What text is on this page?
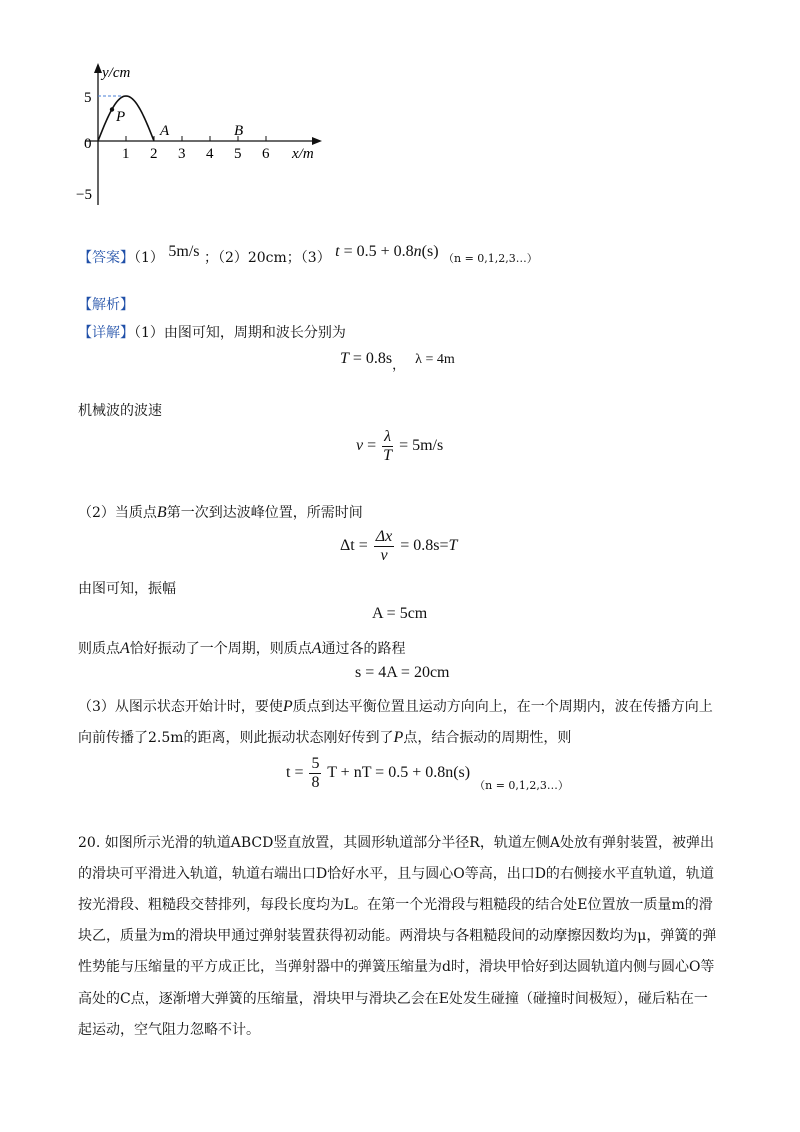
y/cm
x/m
5
0
−5
1 2 3 4 5 6
P
A	B
【答案】（1） 5m/s ；（2）20cm；（3） t = 0.5 + 0.8n(s) （n = 0,1,2,3…）
【解析】
【详解】（1）由图可知，周期和波长分别为
$T = 0.8s_,$ λ = 4m
机械波的波速
$v = \frac{\lambda}{T} = 5m/s$
（2）当质点B第一次到达波峰位置，所需时间
$\Delta t = \frac{\Delta x}{v} = 0.8s=T$
由图可知，振幅
A = 5cm
则质点A恰好振动了一个周期，则质点A通过各的路程
s = 4A = 20cm
（3）从图示状态开始计时，要使P质点到达平衡位置且运动方向向上，在一个周期内，波在传播方向上
向前传播了2.5m的距离，则此振动状态刚好传到了P点，结合振动的周期性，则
$t = \frac{5}{8}$ T + nT = 0.5 + 0.8n(s) $_{(n = 0,1,2,3\dots)}$
20. 如图所示光滑的轨道ABCD竖直放置，其圆形轨道部分半径R，轨道左侧A处放有弹射装置，被弹出
的滑块可平滑进入轨道，轨道右端出口D恰好水平，且与圆心O等高，出口D的右侧接水平直轨道，轨道
按光滑段、粗糙段交替排列，每段长度均为L。在第一个光滑段与粗糙段的结合处E位置放一质量m的滑
块乙，质量为m的滑块甲通过弹射装置获得初动能。两滑块与各粗糙段间的动摩擦因数均为μ，弹簧的弹
性势能与压缩量的平方成正比，当弹射器中的弹簧压缩量为d时，滑块甲恰好到达圆轨道内侧与圆心O等
高处的C点，逐渐增大弹簧的压缩量，滑块甲与滑块乙会在E处发生碰撞（碰撞时间极短），碰后粘在一
起运动，空气阻力忽略不计。
